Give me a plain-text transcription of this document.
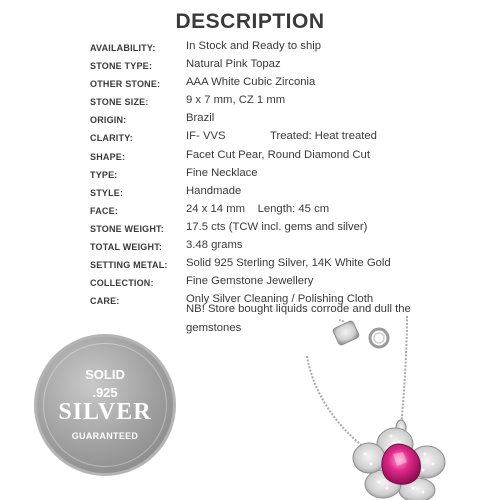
DESCRIPTION
AVAILABILITY:	In Stock and Ready to ship
STONE TYPE:	Natural Pink Topaz
OTHER STONE: AAA White Cubic Zirconia
STONE SIZE:	9 x 7 mm, CZ 1 mm
ORIGIN:	Brazil
CLARITY:	IF- VVS	Treated: Heat treated
SHAPE:	Facet Cut Pear, Round Diamond Cut
TYPE:	Fine Necklace
STYLE:	Handmade
FACE:	24 x 14 mm    Length: 45 cm
STONE WEIGHT: 17.5 cts (TCW incl. gems and silver)
TOTAL WEIGHT: 3.48 grams
SETTING METAL: Solid 925 Sterling Silver, 14K White Gold
COLLECTION:	Fine Gemstone Jewellery
CARE:	Only Silver Cleaning / Polishing Cloth
NB! Store bought liquids corrode and dull the gemstones
SOLID
.925
SILVER
GUARANTEED
